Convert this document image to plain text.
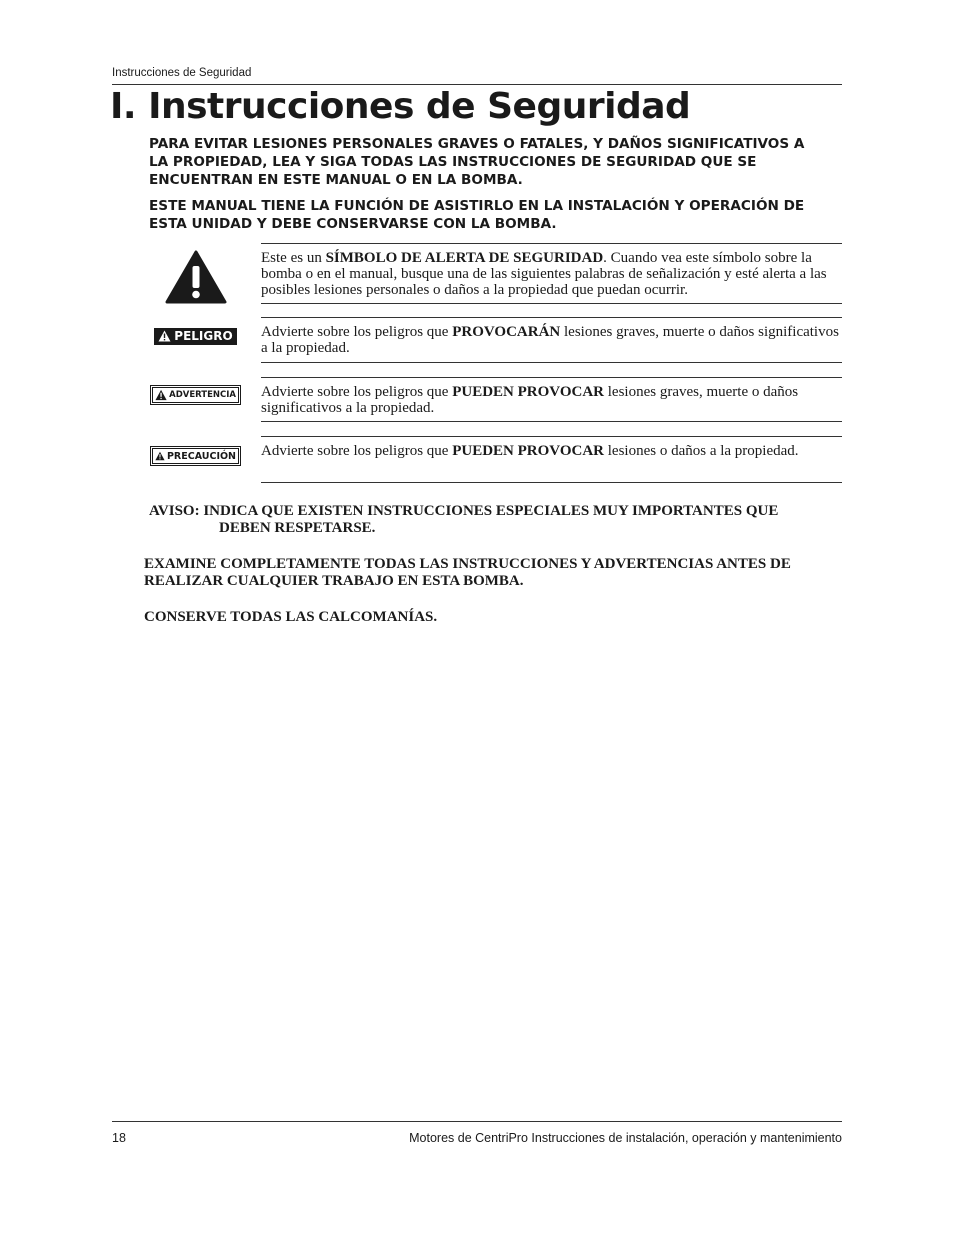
Instrucciones de Seguridad
I. Instrucciones de Seguridad

PARA EVITAR LESIONES PERSONALES GRAVES O FATALES, Y DAÑOS SIGNIFICATIVOS A LA PROPIEDAD, LEA Y SIGA TODAS LAS INSTRUCCIONES DE SEGURIDAD QUE SE ENCUENTRAN EN ESTE MANUAL O EN LA BOMBA.

ESTE MANUAL TIENE LA FUNCIÓN DE ASISTIRLO EN LA INSTALACIÓN Y OPERACIÓN DE ESTA UNIDAD Y DEBE CONSERVARSE CON LA BOMBA.

Este es un SÍMBOLO DE ALERTA DE SEGURIDAD. Cuando vea este símbolo sobre la bomba o en el manual, busque una de las siguientes palabras de señalización y esté alerta a las posibles lesiones personales o daños a la propiedad que puedan ocurrir.
PELIGRO Advierte sobre los peligros que PROVOCARÁN lesiones graves, muerte o daños significativos a la propiedad.
ADVERTENCIA Advierte sobre los peligros que PUEDEN PROVOCAR lesiones graves, muerte o daños significativos a la propiedad.
PRECAUCIÓN Advierte sobre los peligros que PUEDEN PROVOCAR lesiones o daños a la propiedad.
AVISO: INDICA QUE EXISTEN INSTRUCCIONES ESPECIALES MUY IMPORTANTES QUE
DEBEN RESPETARSE.
EXAMINE COMPLETAMENTE TODAS LAS INSTRUCCIONES Y ADVERTENCIAS ANTES DE REALIZAR CUALQUIER TRABAJO EN ESTA BOMBA.
CONSERVE TODAS LAS CALCOMANÍAS.
18	Motores de CentriPro Instrucciones de instalación, operación y mantenimiento
